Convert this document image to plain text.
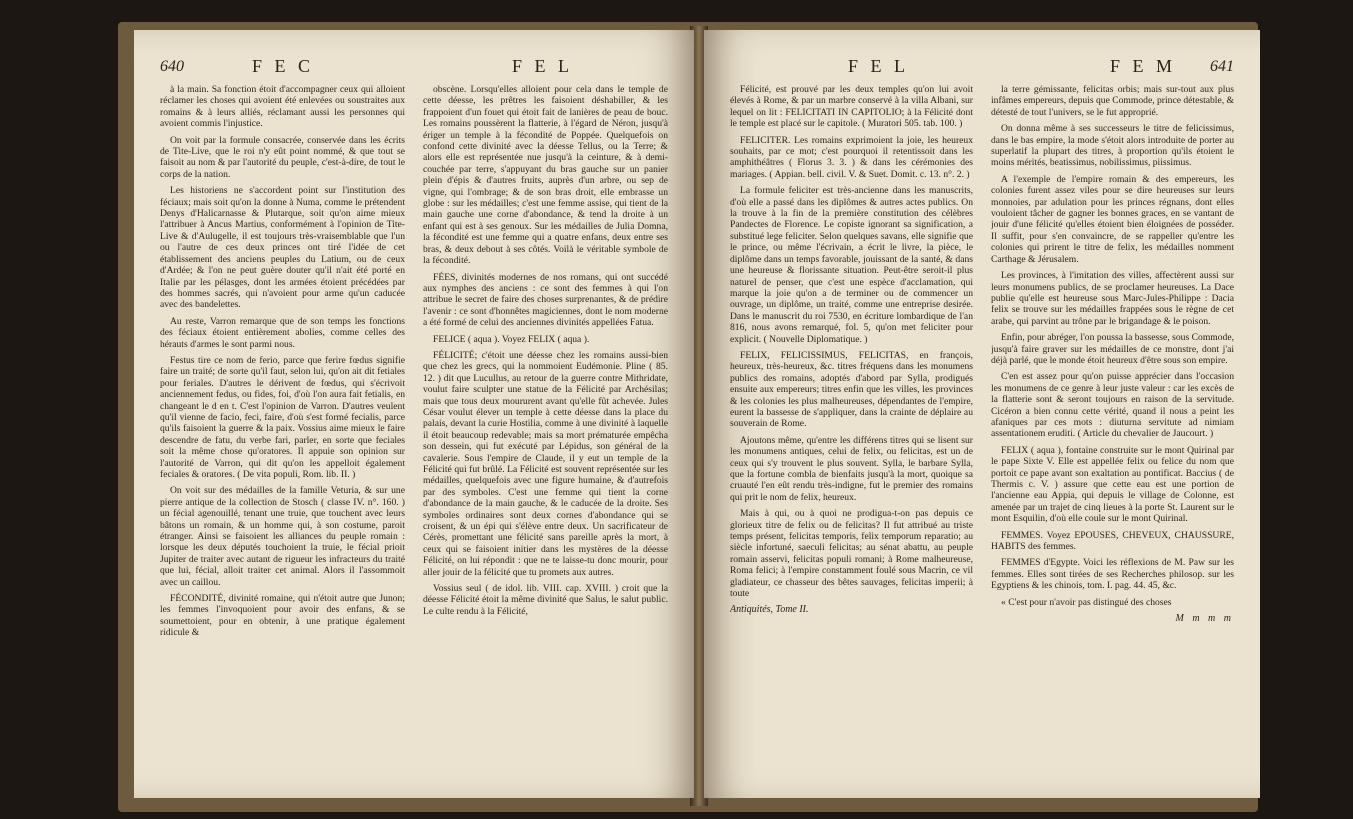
640	F E C	F E L

à la main. Sa fonction étoit d'accompagner ceux qui alloient réclamer les choses qui avoient été enlevées ou soustraites aux romains & à leurs alliés, réclamant aussi les personnes qui avoient commis l'injustice.

On voit par la formule consacrée, conservée dans les écrits de Tite-Live, que le roi n'y eût point nommé, & que tout se faisoit au nom & par l'autorité du peuple, c'est-à-dire, de tout le corps de la nation.

Les historiens ne s'accordent point sur l'institution des féciaux; mais soit qu'on la donne à Numa, comme le prétendent Denys d'Halicarnasse & Plutarque, soit qu'on aime mieux l'attribuer à Ancus Martius, conformément à l'opinion de Tite-Live & d'Aulugelle, il est toujours très-vraisemblable que l'un ou l'autre de ces deux princes ont tiré l'idée de cet établissement des anciens peuples du Latium, ou de ceux d'Ardée; & l'on ne peut guère douter qu'il n'ait été porté en Italie par les pélasges, dont les armées étoient précédées par des hommes sacrés, qui n'avoient pour arme qu'un caducée avec des bandelettes.

Au reste, Varron remarque que de son temps les fonctions des féciaux étoient entièrement abolies, comme celles des hérauts d'armes le sont parmi nous.

Festus tire ce nom de ferio, parce que ferire fœdus signifie faire un traité; de sorte qu'il faut, selon lui, qu'on ait dit fetiales pour feriales. D'autres le dérivent de fœdus, qui s'écrivoit anciennement fedus, ou fides, foi, d'où l'on aura fait fetialis, en changeant le d en t. C'est l'opinion de Varron. D'autres veulent qu'il vienne de facio, feci, faire, d'où s'est formé fecialis, parce qu'ils faisoient la guerre & la paix. Vossius aime mieux le faire descendre de fatu, du verbe fari, parler, en sorte que feciales soit la même chose qu'oratores. Il appuie son opinion sur l'autorité de Varron, qui dit qu'on les appelloit également feciales & oratores. ( De vita populi, Rom. lib. II. )

On voit sur des médailles de la famille Veturia, & sur une pierre antique de la collection de Stosch ( classe IV. n°. 160. ) un fécial agenouillé, tenant une truie, que touchent avec leurs bâtons un romain, & un homme qui, à son costume, paroit étranger. Ainsi se faisoient les alliances du peuple romain : lorsque les deux députés touchoient la truie, le fécial prioit Jupiter de traiter avec autant de rigueur les infracteurs du traité que lui, fécial, alloit traiter cet animal. Alors il l'assommoit avec un caillou.

FÉCONDITÉ, divinité romaine, qui n'étoit autre que Junon; les femmes l'invoquoient pour avoir des enfans, & se soumettoient, pour en obtenir, à une pratique également ridicule &

obscène. Lorsqu'elles alloient pour cela dans le temple de cette déesse, les prêtres les faisoient déshabiller, & les frappoient d'un fouet qui étoit fait de lanières de peau de bouc. Les romains poussèrent la flatterie, à l'égard de Néron, jusqu'à ériger un temple à la fécondité de Poppée. Quelquefois on confond cette divinité avec la déesse Tellus, ou la Terre; & alors elle est représentée nue jusqu'à la ceinture, & à demi-couchée par terre, s'appuyant du bras gauche sur un panier plein d'épis & d'autres fruits, auprès d'un arbre, ou sep de vigne, qui l'ombrage; & de son bras droit, elle embrasse un globe : sur les médailles; c'est une femme assise, qui tient de la main gauche une corne d'abondance, & tend la droite à un enfant qui est à ses genoux. Sur les médailles de Julia Domna, la fécondité est une femme qui a quatre enfans, deux entre ses bras, & deux debout à ses côtés. Voilà le véritable symbole de la fécondité.

FÉES, divinités modernes de nos romans, qui ont succédé aux nymphes des anciens : ce sont des femmes à qui l'on attribue le secret de faire des choses surprenantes, & de prédire l'avenir : ce sont d'honnêtes magiciennes, dont le nom moderne a été formé de celui des anciennes divinités appellées Fatua.

FELICE ( aqua ). Voyez FELIX ( aqua ).

FÉLICITÉ; c'étoit une déesse chez les romains aussi-bien que chez les grecs, qui la nommoient Eudémonie. Pline ( 85. 12. ) dit que Lucullus, au retour de la guerre contre Mithridate, voulut faire sculpter une statue de la Félicité par Archésilas; mais que tous deux moururent avant qu'elle fût achevée. Jules César voulut élever un temple à cette déesse dans la place du palais, devant la curie Hostilia, comme à une divinité à laquelle il étoit beaucoup redevable; mais sa mort prématurée empêcha son dessein, qui fut exécuté par Lépidus, son général de la cavalerie. Sous l'empire de Claude, il y eut un temple de la Félicité qui fut brûlé. La Félicité est souvent représentée sur les médailles, quelquefois avec une figure humaine, & d'autrefois par des symboles. C'est une femme qui tient la corne d'abondance de la main gauche, & le caducée de la droite. Ses symboles ordinaires sont deux cornes d'abondance qui se croisent, & un épi qui s'élève entre deux. Un sacrificateur de Cérès, promettant une félicité sans pareille après la mort, à ceux qui se faisoient initier dans les mystères de la déesse Félicité, on lui répondit : que ne te laisse-tu donc mourir, pour aller jouir de la félicité que tu promets aux autres.

Vossius seul ( de idol. lib. VIII. cap. XVIII. ) croit que la déesse Félicité étoit la même divinité que Salus, le salut public. Le culte rendu à la Félicité,

F E L	F E M 641

Félicité, est prouvé par les deux temples qu'on lui avoit élevés à Rome, & par un marbre conservé à la villa Albani, sur lequel on lit : FELICITATI IN CAPITOLIO; à la Félicité dont le temple est placé sur le capitole. ( Muratori 505. tab. 100. )

FELICITER. Les romains exprimoient la joie, les heureux souhaits, par ce mot; c'est pourquoi il retentissoit dans les amphithéâtres ( Florus 3. 3. ) & dans les cérémonies des mariages. ( Appian. bell. civil. V. & Suet. Domit. c. 13. n°. 2. )

La formule feliciter est très-ancienne dans les manuscrits, d'où elle a passé dans les diplômes & autres actes publics. On la trouve à la fin de la première constitution des célèbres Pandectes de Florence. Le copiste ignorant sa signification, a substitué lege feliciter. Selon quelques savans, elle signifie que le prince, ou même l'écrivain, a écrit le livre, la pièce, le diplôme dans un temps favorable, jouissant de la santé, & dans une heureuse & florissante situation. Peut-être seroit-il plus naturel de penser, que c'est une espèce d'acclamation, qui marque la joie qu'on a de terminer ou de commencer un ouvrage, un diplôme, un traité, comme une entreprise desirée. Dans le manuscrit du roi 7530, en écriture lombardique de l'an 816, nous avons remarqué, fol. 5, qu'on met feliciter pour explicit. ( Nouvelle Diplomatique. )

FELIX, FELICISSIMUS, FELICITAS, en françois, heureux, très-heureux, &c. titres fréquens dans les monumens publics des romains, adoptés d'abord par Sylla, prodigués ensuite aux empereurs; titres enfin que les villes, les provinces & les colonies les plus malheureuses, dépendantes de l'empire, eurent la bassesse de s'appliquer, dans la crainte de déplaire au souverain de Rome.

Ajoutons même, qu'entre les différens titres qui se lisent sur les monumens antiques, celui de felix, ou felicitas, est un de ceux qui s'y trouvent le plus souvent. Sylla, le barbare Sylla, que la fortune combla de bienfaits jusqu'à la mort, quoique sa cruauté l'en eût rendu très-indigne, fut le premier des romains qui prit le nom de felix, heureux.

Mais à qui, ou à quoi ne prodigua-t-on pas depuis ce glorieux titre de felix ou de felicitas? Il fut attribué au triste temps présent, felicitas temporis, felix temporum reparatio; au siècle infortuné, saeculi felicitas; au sénat abattu, au peuple romain asservi, felicitas populi romani; à Rome malheureuse, Roma felici; à l'empire constamment foulé sous Macrin, ce vil gladiateur, ce chasseur des bêtes sauvages, felicitas imperii; à toute

Antiquités, Tome II.

la terre gémissante, felicitas orbis; mais sur-tout aux plus infâmes empereurs, depuis que Commode, prince détestable, & détesté de tout l'univers, se le fut approprié.

On donna même à ses successeurs le titre de felicissimus, dans le bas empire, la mode s'étoit alors introduite de porter au superlatif la plupart des titres, à proportion qu'ils étoient le moins mérités, beatissimus, nobilissimus, piissimus.

A l'exemple de l'empire romain & des empereurs, les colonies furent assez viles pour se dire heureuses sur leurs monnoies, par adulation pour les princes régnans, dont elles vouloient tâcher de gagner les bonnes graces, en se vantant de jouir d'une félicité qu'elles étoient bien éloignées de posséder. Il suffit, pour s'en convaincre, de se rappeller qu'entre les colonies qui prirent le titre de felix, les médailles nomment Carthage & Jérusalem.

Les provinces, à l'imitation des villes, affectèrent aussi sur leurs monumens publics, de se proclamer heureuses. La Dace publie qu'elle est heureuse sous Marc-Jules-Philippe : Dacia felix se trouve sur les médailles frappées sous le règne de cet arabe, qui parvint au trône par le brigandage & le poison.

Enfin, pour abréger, l'on poussa la bassesse, sous Commode, jusqu'à faire graver sur les médailles de ce monstre, dont j'ai déjà parlé, que le monde étoit heureux d'être sous son empire.

C'en est assez pour qu'on puisse apprécier dans l'occasion les monumens de ce genre à leur juste valeur : car les excès de la flatterie sont & seront toujours en raison de la servitude. Cicéron a bien connu cette vérité, quand il nous a peint les afaniques par ces mots : diuturna servitute ad nimiam assentationem eruditi. ( Article du chevalier de Jaucourt. )

FELIX ( aqua ), fontaine construite sur le mont Quirinal par le pape Sixte V. Elle est appellée felix ou felice du nom que portoit ce pape avant son exaltation au pontificat. Baccius ( de Thermis c. V. ) assure que cette eau est une portion de l'ancienne eau Appia, qui depuis le village de Colonne, est amenée par un trajet de cinq lieues à la porte St. Laurent sur le mont Esquilin, d'où elle coule sur le mont Quirinal.

FEMMES. Voyez EPOUSES, CHEVEUX, CHAUSSURE, HABITS des femmes.

FEMMES d'Egypte. Voici les réflexions de M. Paw sur les femmes. Elles sont tirées de ses Recherches philosop. sur les Egyptiens & les chinois, tom. I. pag. 44. 45, &c.

« C'est pour n'avoir pas distingué des choses

M m m m
